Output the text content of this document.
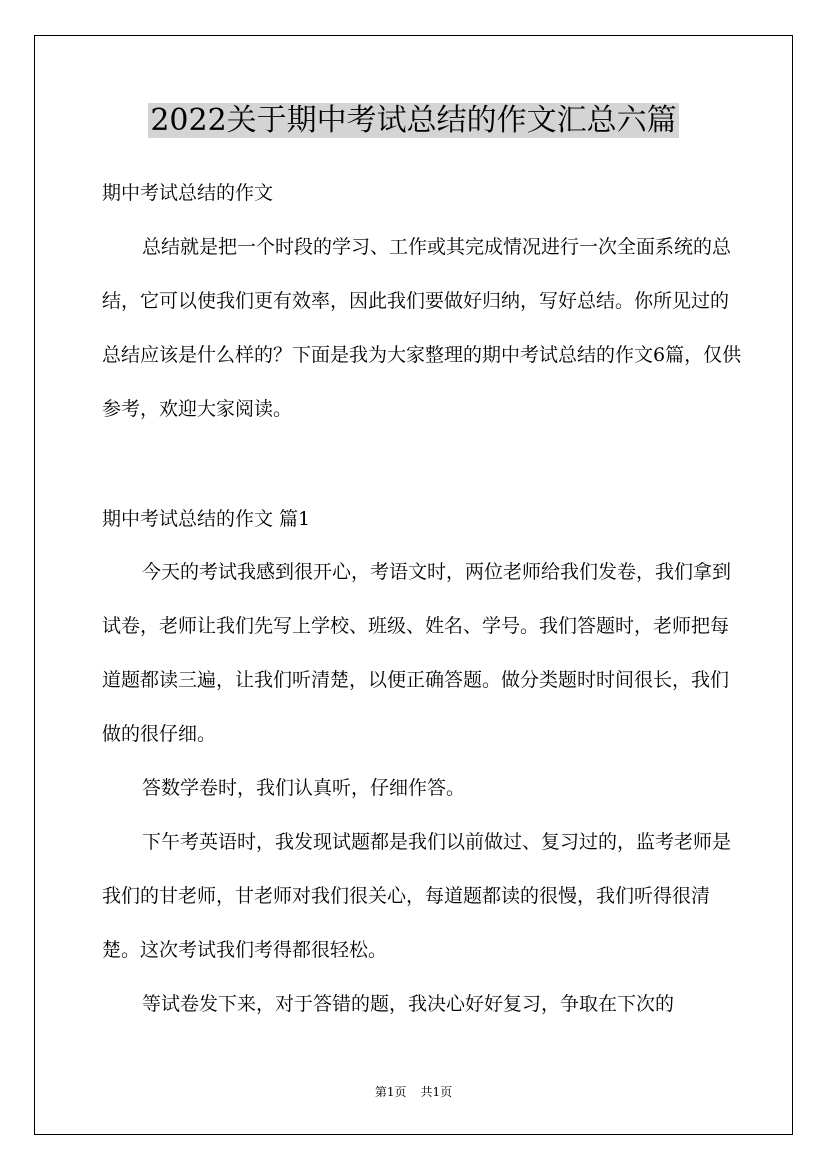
2022关于期中考试总结的作文汇总六篇

期中考试总结的作文

总结就是把一个时段的学习、工作或其完成情况进行一次全面系统的总结，它可以使我们更有效率，因此我们要做好归纳，写好总结。你所见过的总结应该是什么样的？下面是我为大家整理的期中考试总结的作文6篇，仅供参考，欢迎大家阅读。

期中考试总结的作文 篇1

今天的考试我感到很开心，考语文时，两位老师给我们发卷，我们拿到试卷，老师让我们先写上学校、班级、姓名、学号。我们答题时，老师把每道题都读三遍，让我们听清楚，以便正确答题。做分类题时时间很长，我们做的很仔细。

答数学卷时，我们认真听，仔细作答。

下午考英语时，我发现试题都是我们以前做过、复习过的，监考老师是我们的甘老师，甘老师对我们很关心，每道题都读的很慢，我们听得很清楚。这次考试我们考得都很轻松。

等试卷发下来，对于答错的题，我决心好好复习，争取在下次的

第1页 共1页
